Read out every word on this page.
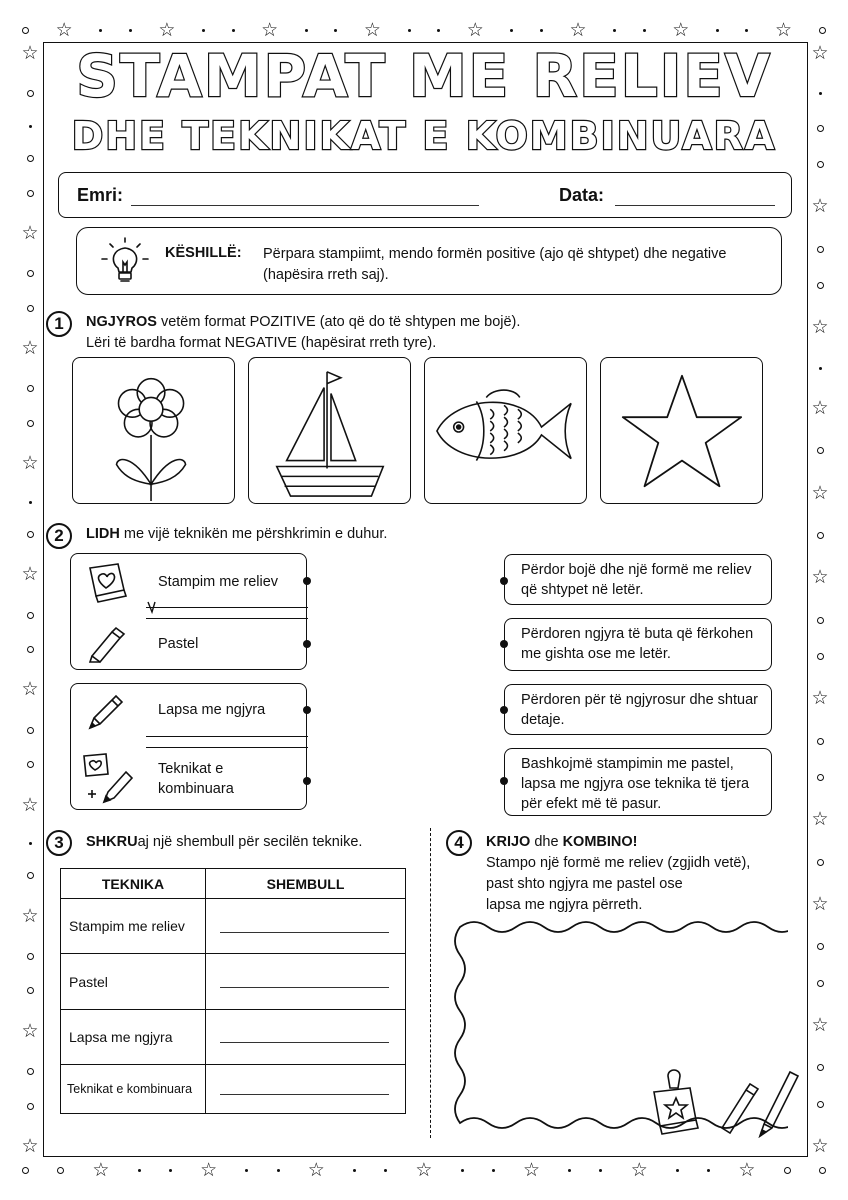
☆	☆	☆	☆	☆	☆	☆	☆
☆	☆	☆	☆	☆	☆	☆
☆
☆
☆
☆
☆
☆
☆
☆
☆
☆
☆
☆
☆
☆
☆
☆
☆
☆
☆
☆
☆
STAMPAT ME RELIEV
DHE TEKNIKAT E KOMBINUARA
Emri:	Data:
KËSHILLË: Përpara stampiimt, mendo formën positive (ajo që shtypet) dhe negative (hapësira rreth saj).
1	NGJYROS vetëm format POZITIVE (ato që do të shtypen me bojë).
Lëri të bardha format NEGATIVE (hapësirat rreth tyre).
2	LIDH me vijë teknikën me përshkrimin e duhur.
Stampim me reliev
Pastel
Lapsa me ngjyra
Teknikat e kombinuara
Përdor bojë dhe një formë me reliev që shtypet në letër.
Përdoren ngjyra të buta që fërkohen me gishta ose me letër.
Përdoren për të ngjyrosur dhe shtuar detaje.
Bashkojmë stampimin me pastel, lapsa me ngjyra ose teknika të tjera për efekt më të pasur.
3	SHKRUaj një shembull për secilën teknike.
TEKNIKA	SHEMBULL
Stampim me reliev	

Pastel	

Lapsa me ngjyra	

Teknikat e kombinuara	
4	KRIJO dhe KOMBINO!
Stampo një formë me reliev (zgjidh vetë),
past shto ngjyra me pastel ose
lapsa me ngjyra përreth.
